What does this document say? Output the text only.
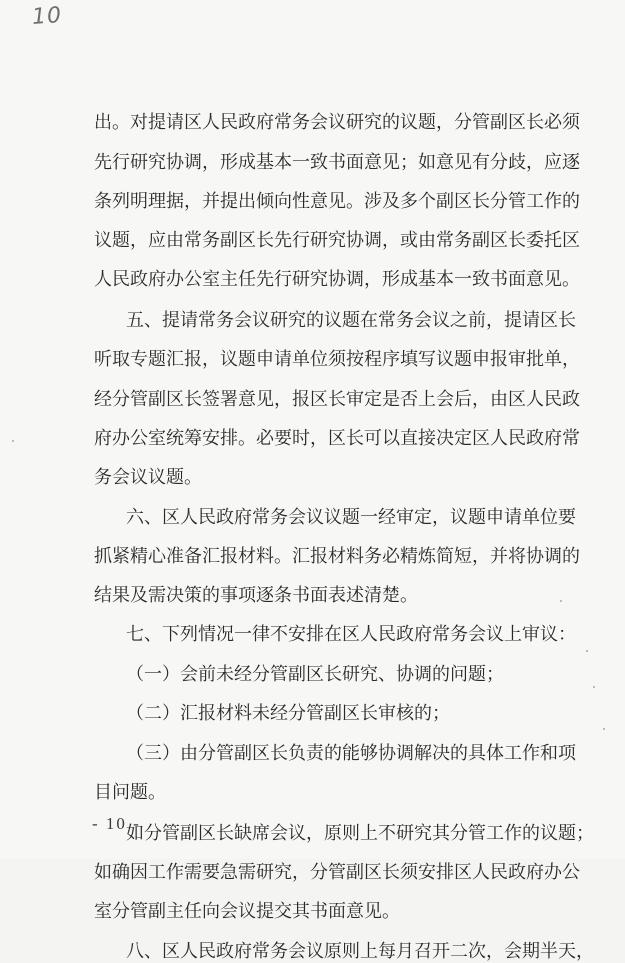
10
出。对提请区人民政府常务会议研究的议题，分管副区长必须
先行研究协调，形成基本一致书面意见；如意见有分歧，应逐
条列明理据，并提出倾向性意见。涉及多个副区长分管工作的
议题，应由常务副区长先行研究协调，或由常务副区长委托区
人民政府办公室主任先行研究协调，形成基本一致书面意见。
五、提请常务会议研究的议题在常务会议之前，提请区长
听取专题汇报，议题申请单位须按程序填写议题申报审批单，
经分管副区长签署意见，报区长审定是否上会后，由区人民政
府办公室统筹安排。必要时，区长可以直接决定区人民政府常
务会议议题。
六、区人民政府常务会议议题一经审定，议题申请单位要
抓紧精心准备汇报材料。汇报材料务必精炼简短，并将协调的
结果及需决策的事项逐条书面表述清楚。
七、下列情况一律不安排在区人民政府常务会议上审议：
（一）会前未经分管副区长研究、协调的问题；
（二）汇报材料未经分管副区长审核的；
（三）由分管副区长负责的能够协调解决的具体工作和项
目问题。
如分管副区长缺席会议，原则上不研究其分管工作的议题；
如确因工作需要急需研究，分管副区长须安排区人民政府办公
室分管副主任向会议提交其书面意见。
八、区人民政府常务会议原则上每月召开二次，会期半天，
- 10 -
